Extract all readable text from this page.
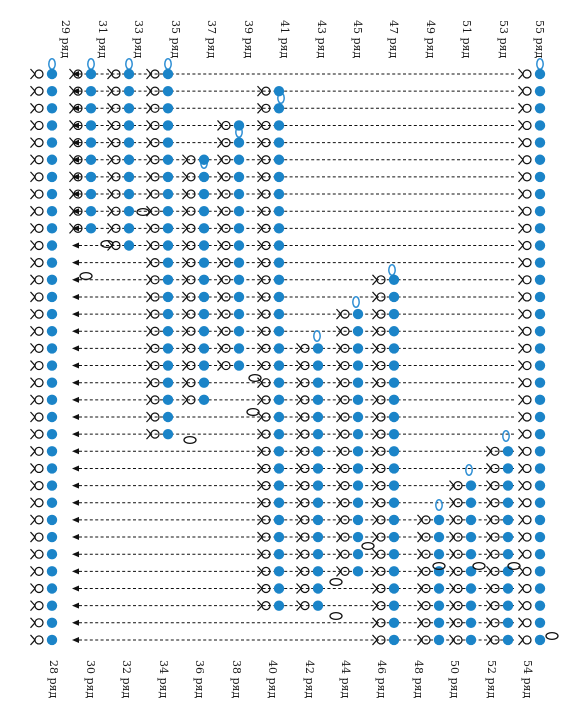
55 ряд
53 ряд
51 ряд
49 ряд
47 ряд
45 ряд
43 ряд
41 ряд
39 ряд
37 ряд
35 ряд
33 ряд
31 ряд
29 ряд
54 ряд
52 ряд
50 ряд
48 ряд
46 ряд
44 ряд
42 ряд
40 ряд
38 ряд
36 ряд
34 ряд
32 ряд
30 ряд
28 ряд
